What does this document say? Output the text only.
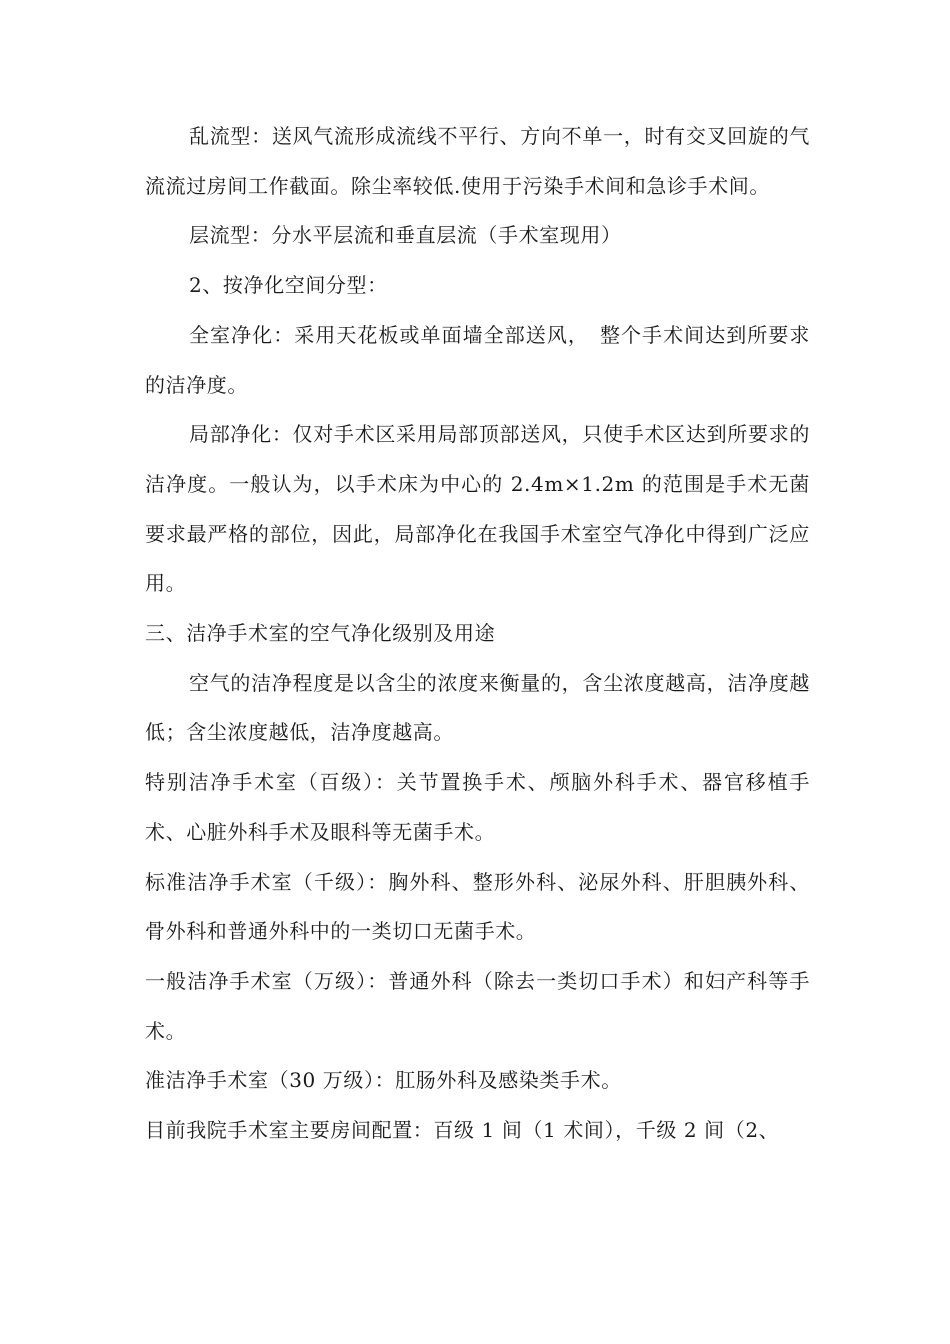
乱流型：送风气流形成流线不平行、方向不单一，时有交叉回旋的气流流过房间工作截面。除尘率较低.使用于污染手术间和急诊手术间。

层流型：分水平层流和垂直层流（手术室现用）

2、按净化空间分型：

全室净化：采用天花板或单面墙全部送风，　整个手术间达到所要求的洁净度。

局部净化：仅对手术区采用局部顶部送风，只使手术区达到所要求的洁净度。一般认为，以手术床为中心的 2.4m×1.2m 的范围是手术无菌要求最严格的部位，因此，局部净化在我国手术室空气净化中得到广泛应用。

三、洁净手术室的空气净化级别及用途

空气的洁净程度是以含尘的浓度来衡量的，含尘浓度越高，洁净度越低；含尘浓度越低，洁净度越高。

特别洁净手术室（百级）：关节置换手术、颅脑外科手术、器官移植手术、心脏外科手术及眼科等无菌手术。

标准洁净手术室（千级）：胸外科、整形外科、泌尿外科、肝胆胰外科、骨外科和普通外科中的一类切口无菌手术。

一般洁净手术室（万级）：普通外科（除去一类切口手术）和妇产科等手术。

准洁净手术室（30 万级）：肛肠外科及感染类手术。

目前我院手术室主要房间配置：百级 1 间（1 术间），千级 2 间（2、
